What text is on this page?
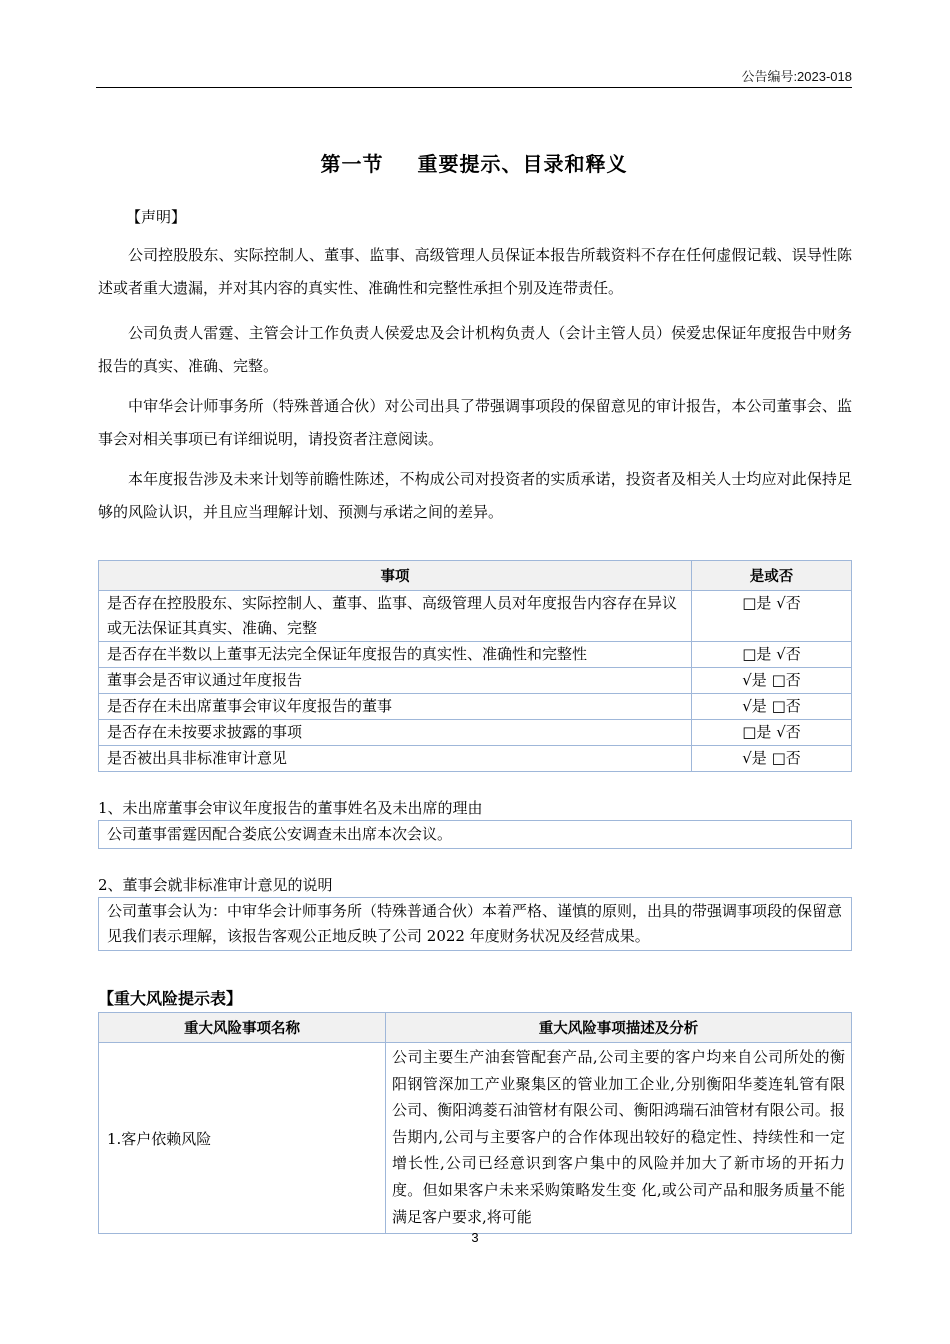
公告编号:2023-018
第一节 重要提示、目录和释义
【声明】

公司控股股东、实际控制人、董事、监事、高级管理人员保证本报告所载资料不存在任何虚假记载、误导性陈述或者重大遗漏，并对其内容的真实性、准确性和完整性承担个别及连带责任。

公司负责人雷霆、主管会计工作负责人侯爱忠及会计机构负责人（会计主管人员）侯爱忠保证年度报告中财务报告的真实、准确、完整。

中审华会计师事务所（特殊普通合伙）对公司出具了带强调事项段的保留意见的审计报告，本公司董事会、监事会对相关事项已有详细说明，请投资者注意阅读。

本年度报告涉及未来计划等前瞻性陈述，不构成公司对投资者的实质承诺，投资者及相关人士均应对此保持足够的风险认识，并且应当理解计划、预测与承诺之间的差异。

事项	是或否
是否存在控股股东、实际控制人、董事、监事、高级管理人员对年度报告内容存在异议或无法保证其真实、准确、完整	□是 √否
是否存在半数以上董事无法完全保证年度报告的真实性、准确性和完整性	□是 √否
董事会是否审议通过年度报告	√是 □否
是否存在未出席董事会审议年度报告的董事	√是 □否
是否存在未按要求披露的事项	□是 √否
是否被出具非标准审计意见	√是 □否
1、未出席董事会审议年度报告的董事姓名及未出席的理由
公司董事雷霆因配合娄底公安调查未出席本次会议。
2、董事会就非标准审计意见的说明
公司董事会认为：中审华会计师事务所（特殊普通合伙）本着严格、谨慎的原则，出具的带强调事项段的保留意见我们表示理解，该报告客观公正地反映了公司 2022 年度财务状况及经营成果。
【重大风险提示表】
重大风险事项名称	重大风险事项描述及分析
1.客户依赖风险	公司主要生产油套管配套产品,公司主要的客户均来自公司所处的衡阳钢管深加工产业聚集区的管业加工企业,分别衡阳华菱连轧管有限公司、衡阳鸿菱石油管材有限公司、衡阳鸿瑞石油管材有限公司。报告期内,公司与主要客户的合作体现出较好的稳定性、持续性和一定增长性,公司已经意识到客户集中的风险并加大了新市场的开拓力度。但如果客户未来采购策略发生变 化,或公司产品和服务质量不能满足客户要求,将可能
3
